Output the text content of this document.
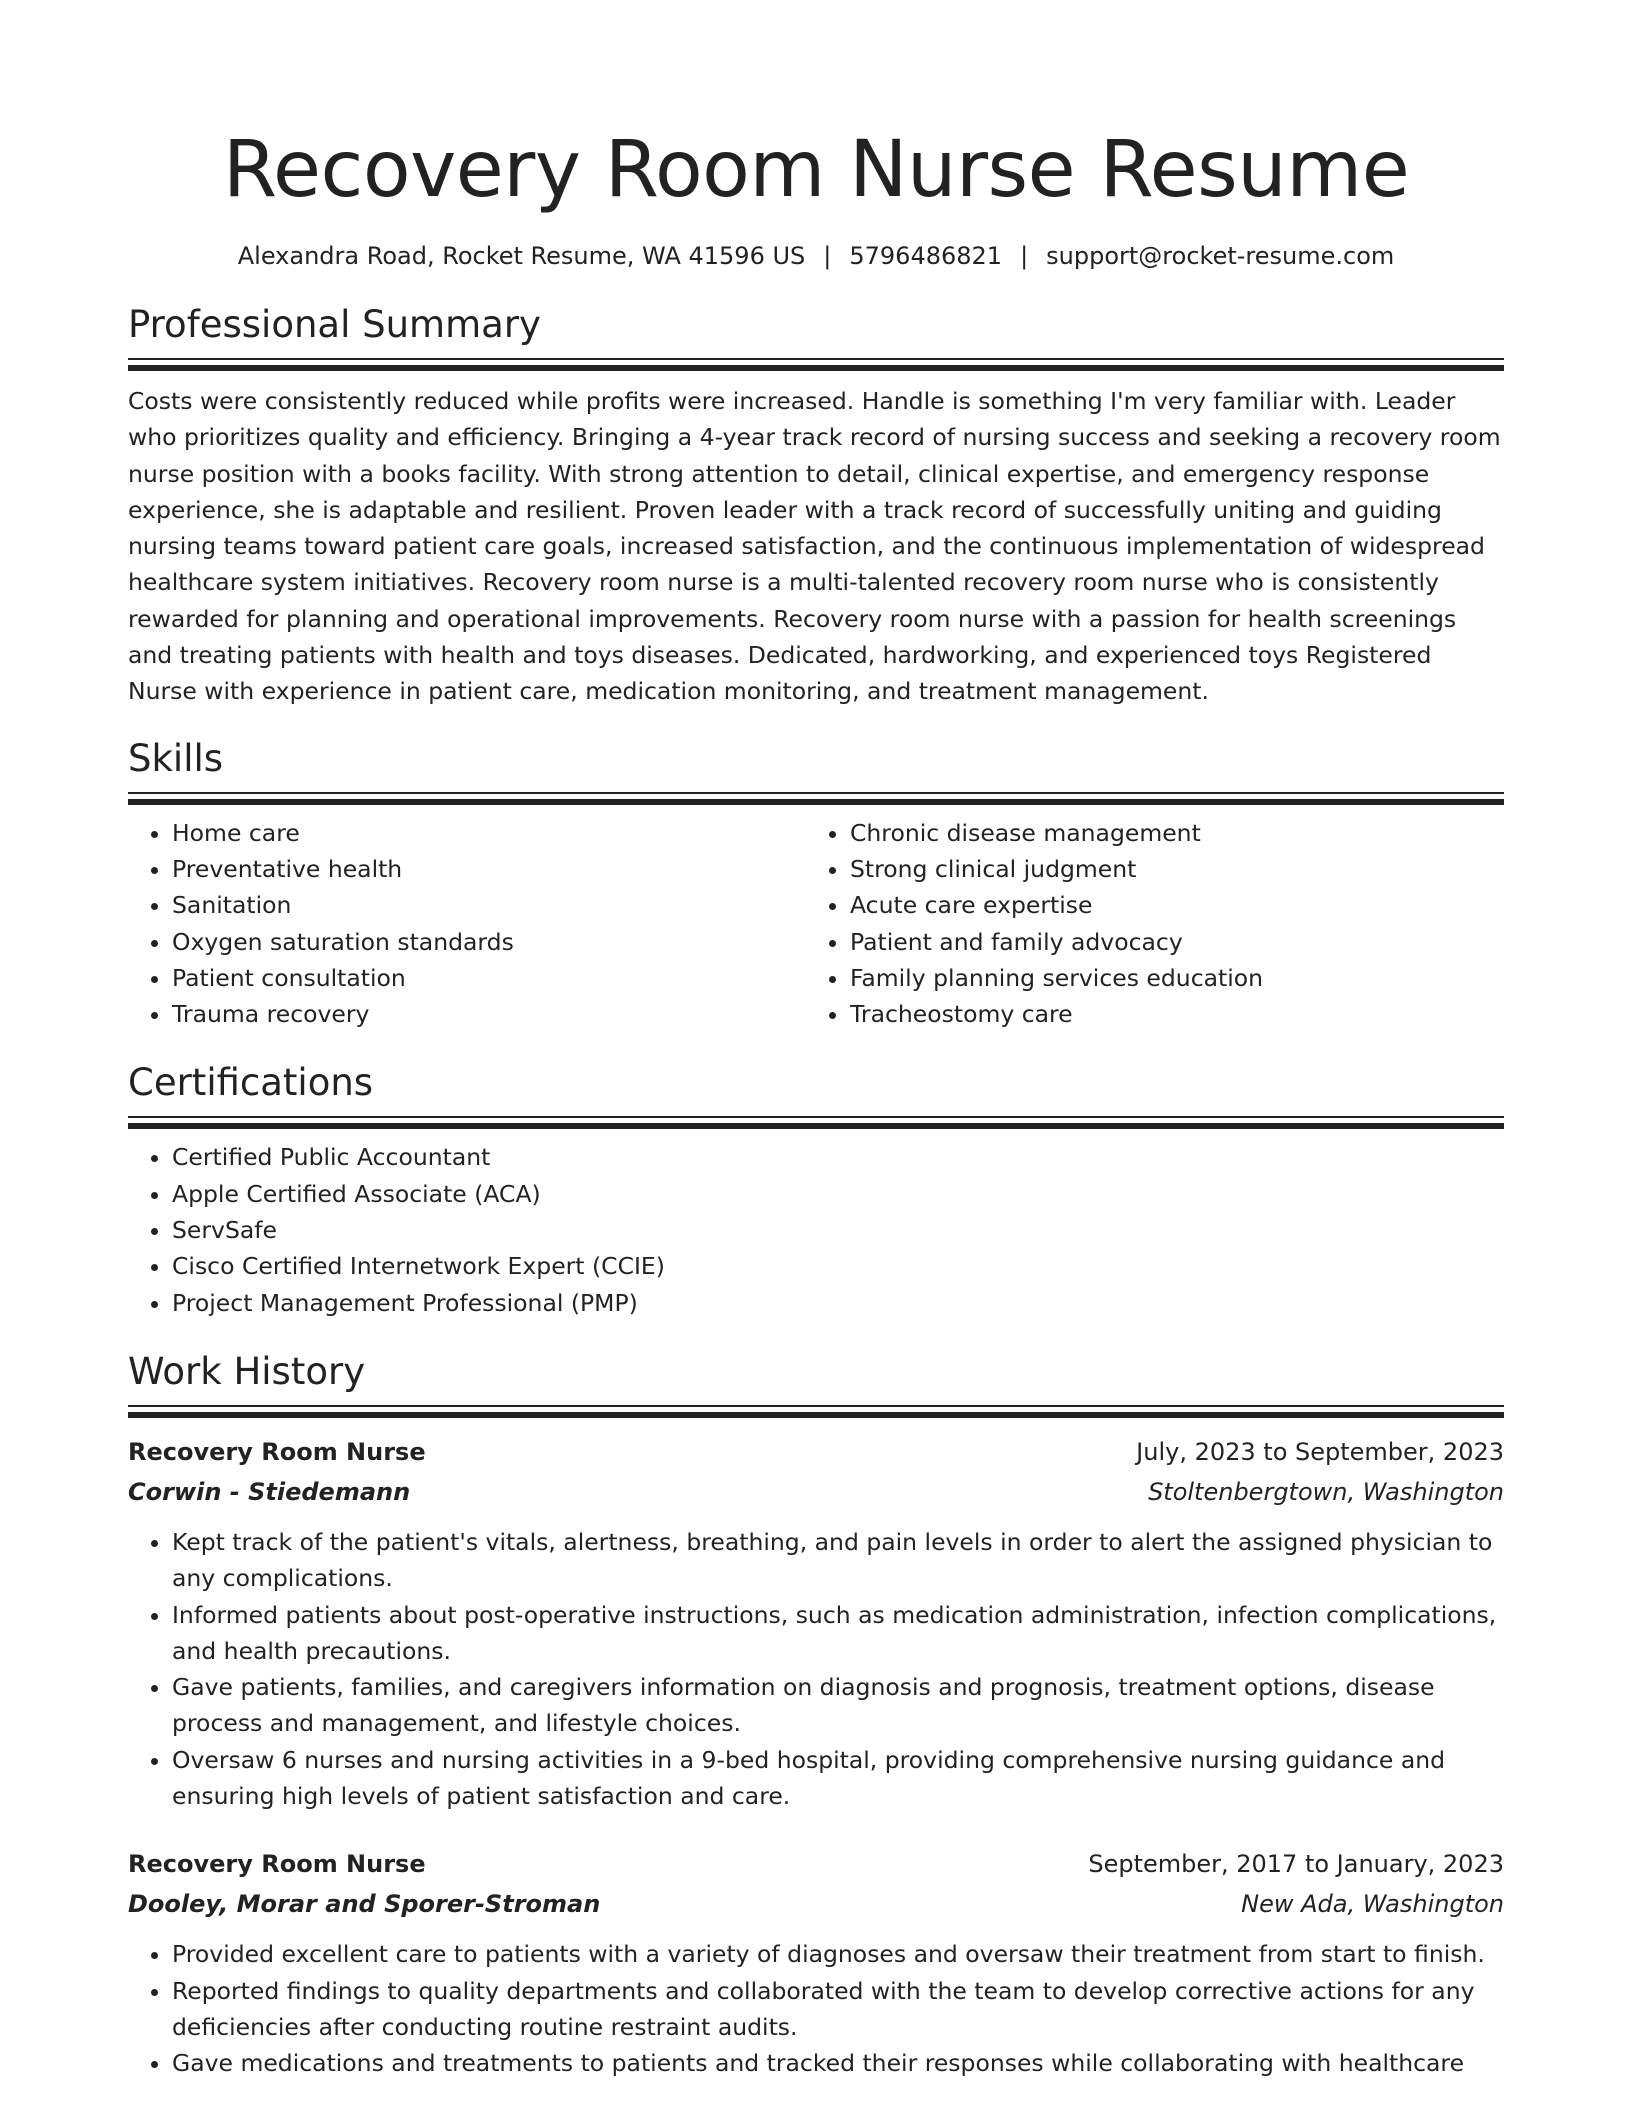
Recovery Room Nurse Resume
Alexandra Road, Rocket Resume, WA 41596 US | 5796486821 | support@rocket-resume.com
Professional Summary

Costs were consistently reduced while profits were increased. Handle is something I'm very familiar with. Leader who prioritizes quality and efficiency. Bringing a 4-year track record of nursing success and seeking a recovery room nurse position with a books facility. With strong attention to detail, clinical expertise, and emergency response experience, she is adaptable and resilient. Proven leader with a track record of successfully uniting and guiding nursing teams toward patient care goals, increased satisfaction, and the continuous implementation of widespread healthcare system initiatives. Recovery room nurse is a multi-talented recovery room nurse who is consistently rewarded for planning and operational improvements. Recovery room nurse with a passion for health screenings and treating patients with health and toys diseases. Dedicated, hardworking, and experienced toys Registered Nurse with experience in patient care, medication monitoring, and treatment management.

Skills
• Home care
• Preventative health
• Sanitation
• Oxygen saturation standards
• Patient consultation
• Trauma recovery
• Chronic disease management
• Strong clinical judgment
• Acute care expertise
• Patient and family advocacy
• Family planning services education
• Tracheostomy care
Certifications
• Certified Public Accountant
• Apple Certified Associate (ACA)
• ServSafe
• Cisco Certified Internetwork Expert (CCIE)
• Project Management Professional (PMP)
Work History
Recovery Room Nurse	July, 2023 to September, 2023
Corwin - Stiedemann	Stoltenbergtown, Washington
• Kept track of the patient's vitals, alertness, breathing, and pain levels in order to alert the assigned physician to any complications.
• Informed patients about post-operative instructions, such as medication administration, infection complications, and health precautions.
• Gave patients, families, and caregivers information on diagnosis and prognosis, treatment options, disease process and management, and lifestyle choices.
• Oversaw 6 nurses and nursing activities in a 9-bed hospital, providing comprehensive nursing guidance and ensuring high levels of patient satisfaction and care.
Recovery Room Nurse	September, 2017 to January, 2023
Dooley, Morar and Sporer-Stroman	New Ada, Washington
• Provided excellent care to patients with a variety of diagnoses and oversaw their treatment from start to finish.
• Reported findings to quality departments and collaborated with the team to develop corrective actions for any deficiencies after conducting routine restraint audits.
• Gave medications and treatments to patients and tracked their responses while collaborating with healthcare
